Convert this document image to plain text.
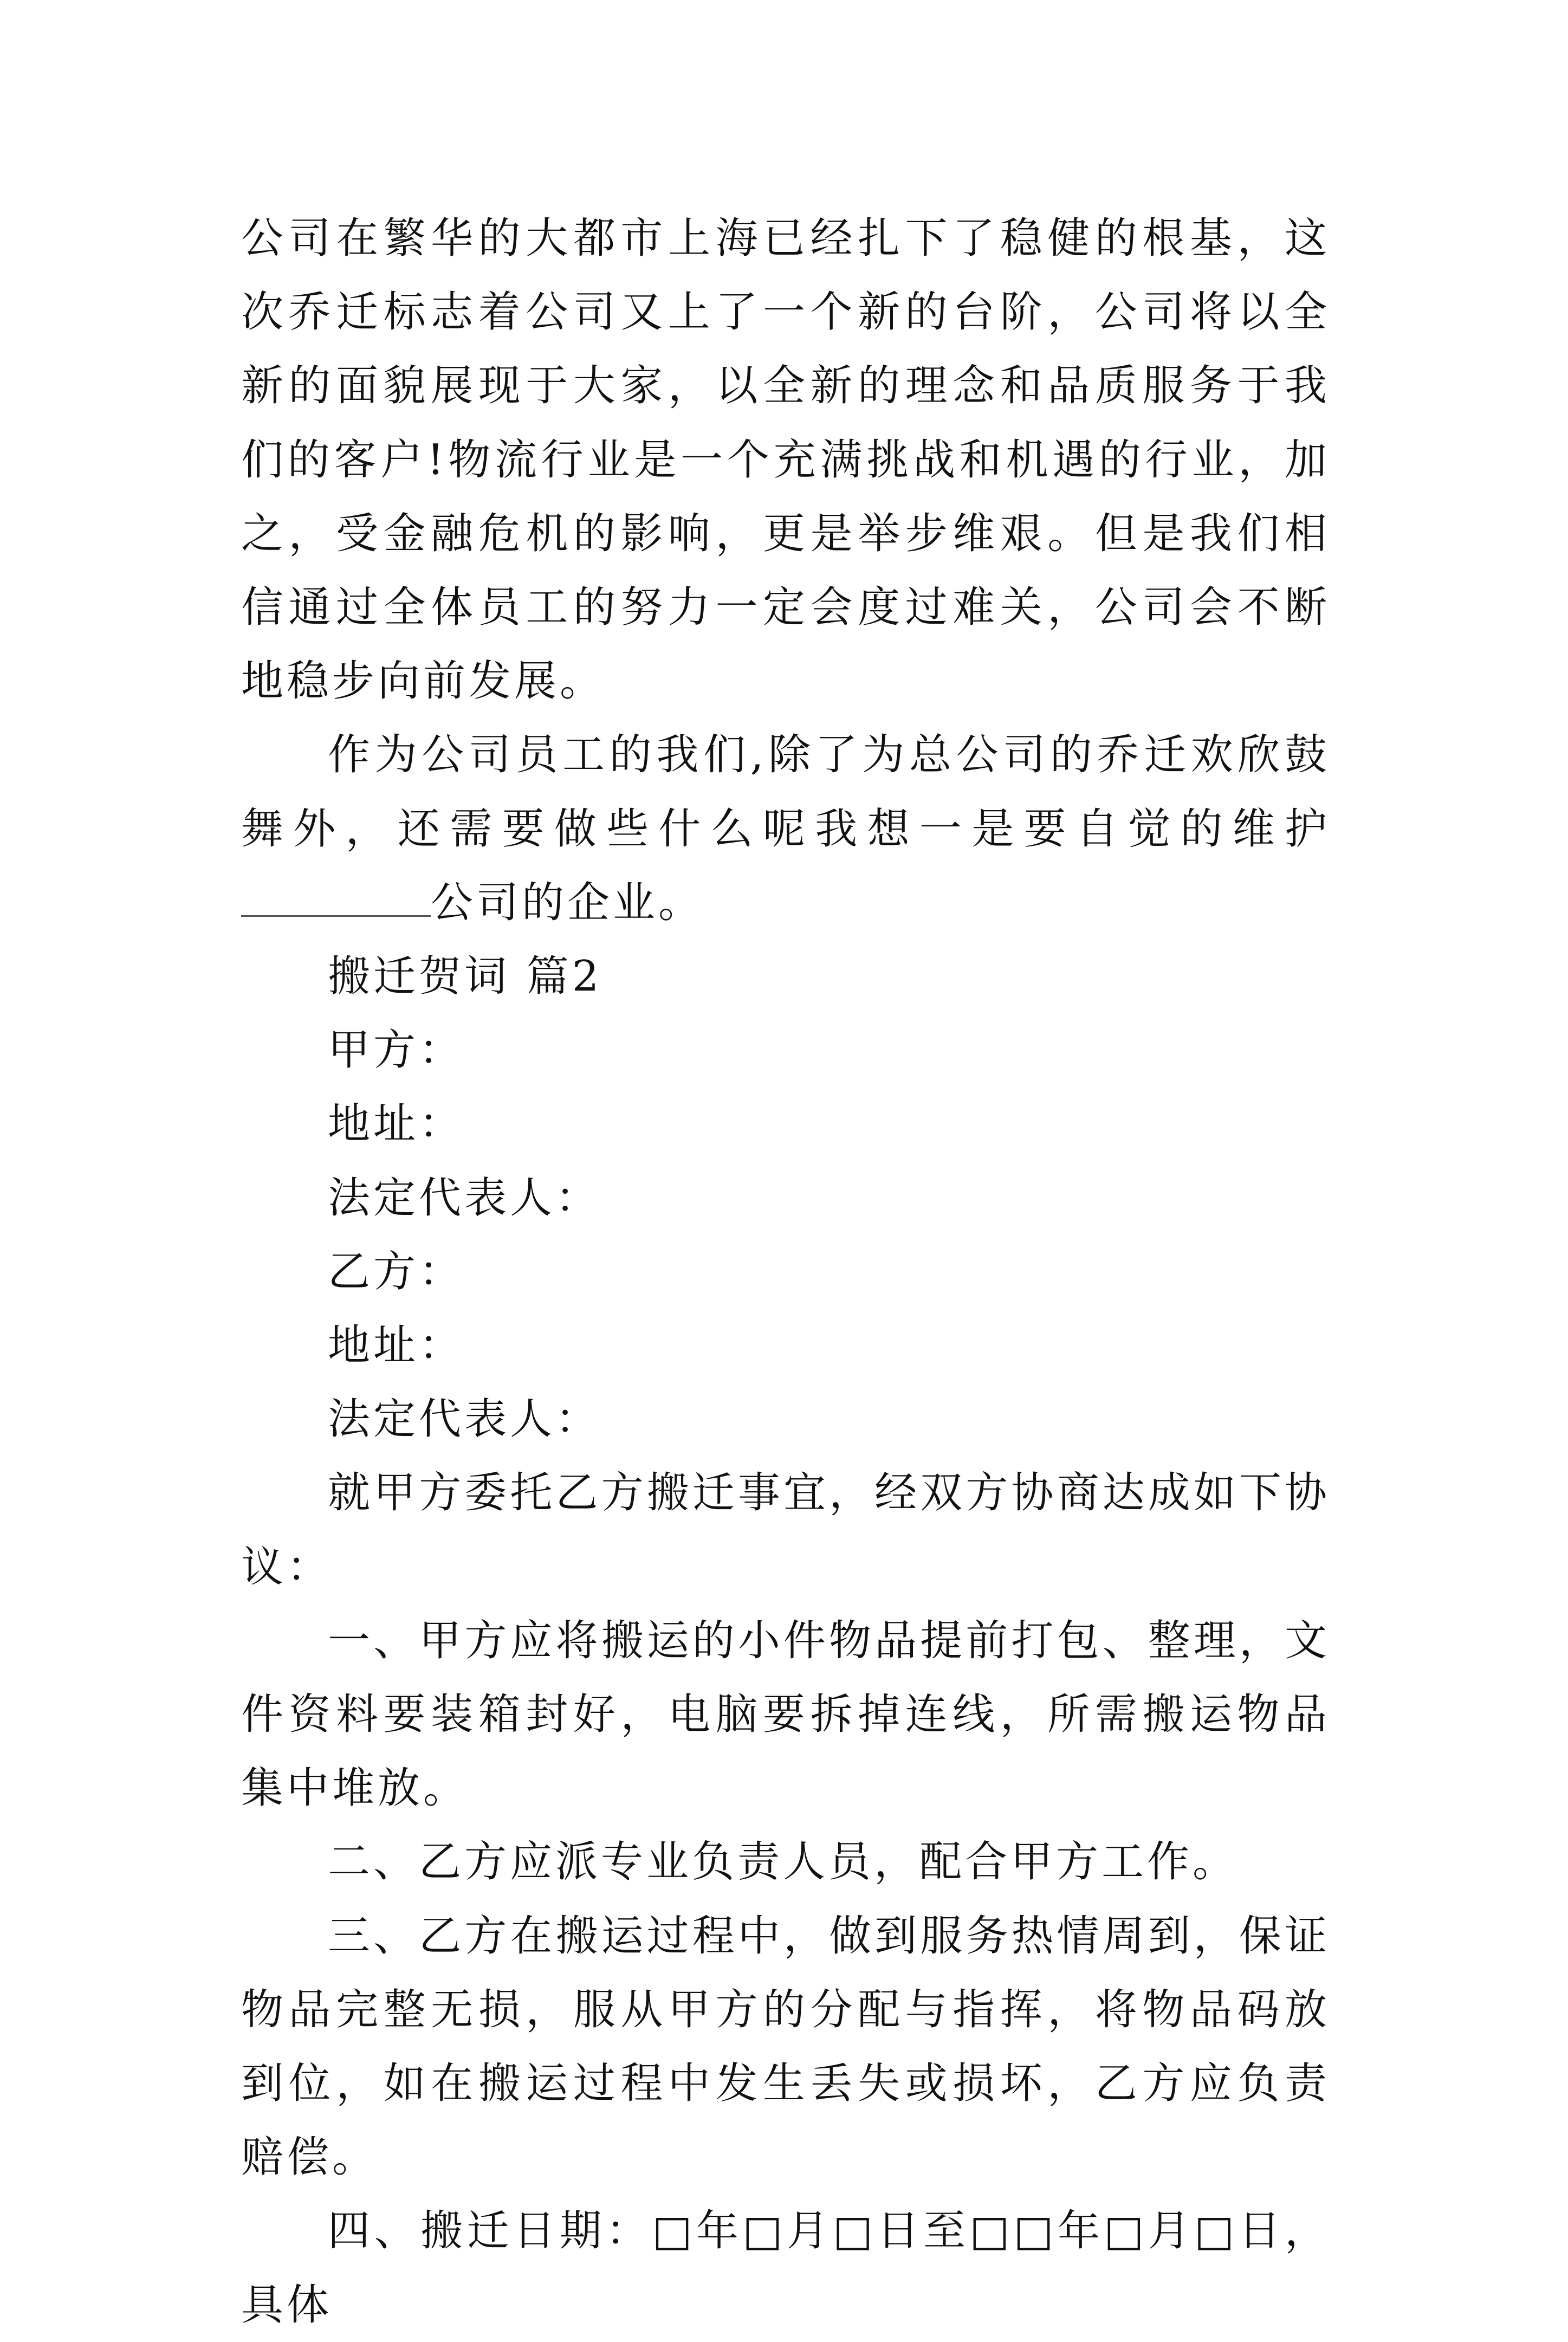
公司在繁华的大都市上海已经扎下了稳健的根基，这次乔迁标志着公司又上了一个新的台阶，公司将以全新的面貌展现于大家，以全新的理念和品质服务于我们的客户!物流行业是一个充满挑战和机遇的行业，加之，受金融危机的影响，更是举步维艰。但是我们相信通过全体员工的努力一定会度过难关，公司会不断地稳步向前发展。

作为公司员工的我们,除了为总公司的乔迁欢欣鼓舞外，还需要做些什么呢我想一是要自觉的维护公司的企业。

搬迁贺词 篇2

甲方：

地址：

法定代表人：

乙方：

地址：

法定代表人：

就甲方委托乙方搬迁事宜，经双方协商达成如下协议：

一、甲方应将搬运的小件物品提前打包、整理，文件资料要装箱封好，电脑要拆掉连线，所需搬运物品集中堆放。

二、乙方应派专业负责人员，配合甲方工作。

三、乙方在搬运过程中，做到服务热情周到，保证物品完整无损，服从甲方的分配与指挥，将物品码放到位，如在搬运过程中发生丢失或损坏，乙方应负责赔偿。

四、搬迁日期：□年□月□日至□□年□月□日，具体
